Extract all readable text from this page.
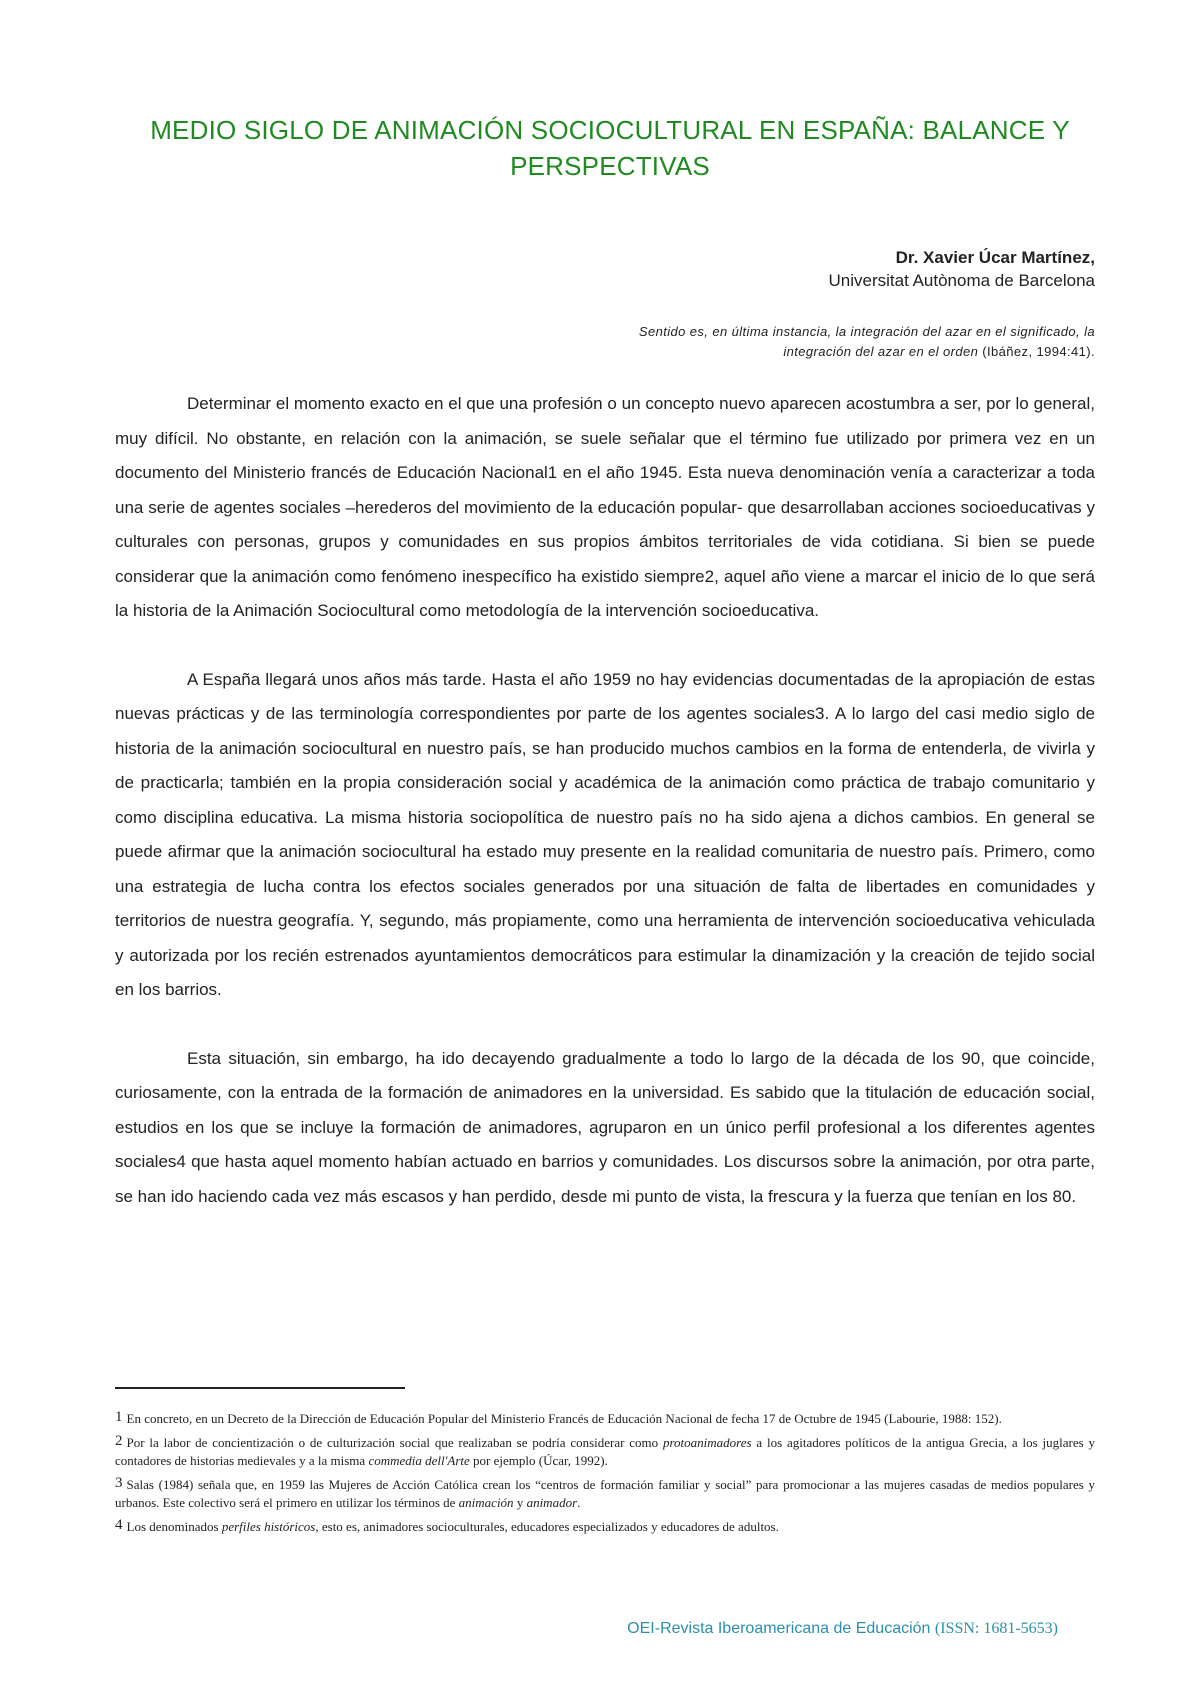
MEDIO SIGLO DE ANIMACIÓN SOCIOCULTURAL EN ESPAÑA: BALANCE Y PERSPECTIVAS
Dr. Xavier Úcar Martínez,
Universitat Autònoma de Barcelona
Sentido es, en última instancia, la integración del azar en el significado, la integración del azar en el orden (Ibáñez, 1994:41).

Determinar el momento exacto en el que una profesión o un concepto nuevo aparecen acostumbra a ser, por lo general, muy difícil. No obstante, en relación con la animación, se suele señalar que el término fue utilizado por primera vez en un documento del Ministerio francés de Educación Nacional1 en el año 1945. Esta nueva denominación venía a caracterizar a toda una serie de agentes sociales –herederos del movimiento de la educación popular- que desarrollaban acciones socioeducativas y culturales con personas, grupos y comunidades en sus propios ámbitos territoriales de vida cotidiana. Si bien se puede considerar que la animación como fenómeno inespecífico ha existido siempre2, aquel año viene a marcar el inicio de lo que será la historia de la Animación Sociocultural como metodología de la intervención socioeducativa.

A España llegará unos años más tarde. Hasta el año 1959 no hay evidencias documentadas de la apropiación de estas nuevas prácticas y de las terminología correspondientes por parte de los agentes sociales3. A lo largo del casi medio siglo de historia de la animación sociocultural en nuestro país, se han producido muchos cambios en la forma de entenderla, de vivirla y de practicarla; también en la propia consideración social y académica de la animación como práctica de trabajo comunitario y como disciplina educativa. La misma historia sociopolítica de nuestro país no ha sido ajena a dichos cambios. En general se puede afirmar que la animación sociocultural ha estado muy presente en la realidad comunitaria de nuestro país. Primero, como una estrategia de lucha contra los efectos sociales generados por una situación de falta de libertades en comunidades y territorios de nuestra geografía. Y, segundo, más propiamente, como una herramienta de intervención socioeducativa vehiculada y autorizada por los recién estrenados ayuntamientos democráticos para estimular la dinamización y la creación de tejido social en los barrios.

Esta situación, sin embargo, ha ido decayendo gradualmente a todo lo largo de la década de los 90, que coincide, curiosamente, con la entrada de la formación de animadores en la universidad. Es sabido que la titulación de educación social, estudios en los que se incluye la formación de animadores, agruparon en un único perfil profesional a los diferentes agentes sociales4 que hasta aquel momento habían actuado en barrios y comunidades. Los discursos sobre la animación, por otra parte, se han ido haciendo cada vez más escasos y han perdido, desde mi punto de vista, la frescura y la fuerza que tenían en los 80.

1 En concreto, en un Decreto de la Dirección de Educación Popular del Ministerio Francés de Educación Nacional de fecha 17 de Octubre de 1945 (Labourie, 1988: 152).
2 Por la labor de concientización o de culturización social que realizaban se podría considerar como protoanimadores a los agitadores políticos de la antigua Grecia, a los juglares y contadores de historias medievales y a la misma commedia dell'Arte por ejemplo (Úcar, 1992).
3 Salas (1984) señala que, en 1959 las Mujeres de Acción Católica crean los “centros de formación familiar y social” para promocionar a las mujeres casadas de medios populares y urbanos. Este colectivo será el primero en utilizar los términos de animación y animador.
4 Los denominados perfiles históricos, esto es, animadores socioculturales, educadores especializados y educadores de adultos.
OEI-Revista Iberoamericana de Educación (ISSN: 1681-5653)
